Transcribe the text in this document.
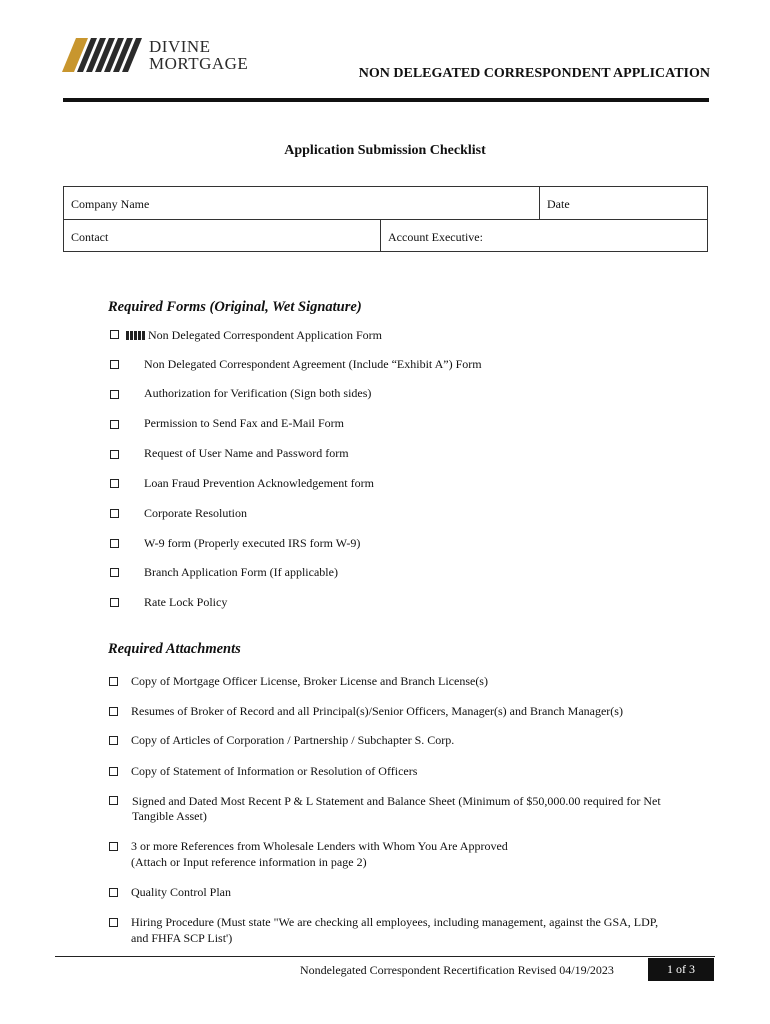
DIVINE
MORTGAGE
NON DELEGATED CORRESPONDENT APPLICATION
Application Submission Checklist
Company Name	Date
Contact	Account Executive:
Required Forms (Original, Wet Signature)
Non Delegated Correspondent Application Form
Non Delegated Correspondent Agreement (Include “Exhibit A”) Form
Authorization for Verification (Sign both sides)
Permission to Send Fax and E-Mail Form
Request of User Name and Password form
Loan Fraud Prevention Acknowledgement form
Corporate Resolution
W-9 form (Properly executed IRS form W-9)
Branch Application Form (If applicable)
Rate Lock Policy
Required Attachments
Copy of Mortgage Officer License, Broker License and Branch License(s)
Resumes of Broker of Record and all Principal(s)/Senior Officers, Manager(s) and Branch Manager(s)
Copy of Articles of Corporation / Partnership / Subchapter S. Corp.
Copy of Statement of Information or Resolution of Officers
Signed and Dated Most Recent P & L Statement and Balance Sheet (Minimum of $50,000.00 required for Net
Tangible Asset)
3 or more References from Wholesale Lenders with Whom You Are Approved
(Attach or Input reference information in page 2)
Quality Control Plan
Hiring Procedure (Must state "We are checking all employees, including management, against the GSA, LDP,
and FHFA SCP List')
Nondelegated Correspondent Recertification Revised 04/19/2023	1 of 3
